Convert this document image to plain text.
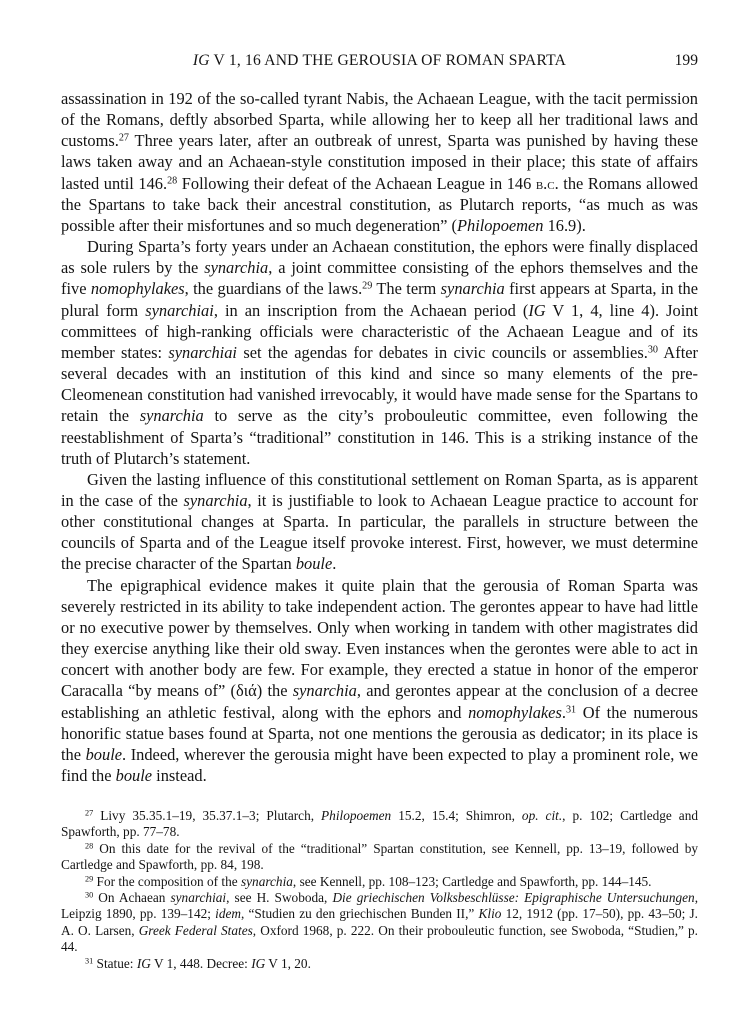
IG V 1, 16 AND THE GEROUSIA OF ROMAN SPARTA	199

assassination in 192 of the so-called tyrant Nabis, the Achaean League, with the tacit permission of the Romans, deftly absorbed Sparta, while allowing her to keep all her traditional laws and customs.$^{27}$ Three years later, after an outbreak of unrest, Sparta was punished by having these laws taken away and an Achaean-style constitution imposed in their place; this state of affairs lasted until 146.28 Following their defeat of the Achaean League in 146 b.c. the Romans allowed the Spartans to take back their ancestral constitution, as Plutarch reports, “as much as was possible after their misfortunes and so much degeneration” (Philopoemen 16.9).

During Sparta’s forty years under an Achaean constitution, the ephors were finally displaced as sole rulers by the synarchia, a joint committee consisting of the ephors themselves and the five nomophylakes, the guardians of the laws.$^{29}$ The term synarchia first appears at Sparta, in the plural form synarchiai, in an inscription from the Achaean period (IG V 1, 4, line 4). Joint committees of high-ranking officials were characteristic of the Achaean League and of its member states: synarchiai set the agendas for debates in civic councils or assemblies.$^{30}$ After several decades with an institution of this kind and since so many elements of the pre-Cleomenean constitution had vanished irrevocably, it would have made sense for the Spartans to retain the synarchia to serve as the city’s probouleutic committee, even following the reestablishment of Sparta’s “traditional” constitution in 146. This is a striking instance of the truth of Plutarch’s statement.

Given the lasting influence of this constitutional settlement on Roman Sparta, as is apparent in the case of the synarchia, it is justifiable to look to Achaean League practice to account for other constitutional changes at Sparta. In particular, the parallels in structure between the councils of Sparta and of the League itself provoke interest. First, however, we must determine the precise character of the Spartan boule.

The epigraphical evidence makes it quite plain that the gerousia of Roman Sparta was severely restricted in its ability to take independent action. The gerontes appear to have had little or no executive power by themselves. Only when working in tandem with other magistrates did they exercise anything like their old sway. Even instances when the gerontes were able to act in concert with another body are few. For example, they erected a statue in honor of the emperor Caracalla “by means of” (διά) the synarchia, and gerontes appear at the conclusion of a decree establishing an athletic festival, along with the ephors and nomophylakes.$^{31}$ Of the numerous honorific statue bases found at Sparta, not one mentions the gerousia as dedicator; in its place is the boule. Indeed, wherever the gerousia might have been expected to play a prominent role, we find the boule instead.

$^{27}$ Livy 35.35.1–19, 35.37.1–3; Plutarch, Philopoemen 15.2, 15.4; Shimron, op. cit., p. 102; Cartledge and Spawforth, pp. 77–78.

$^{28}$ On this date for the revival of the “traditional” Spartan constitution, see Kennell, pp. 13–19, followed by Cartledge and Spawforth, pp. 84, 198.

$^{29}$ For the composition of the synarchia, see Kennell, pp. 108–123; Cartledge and Spawforth, pp. 144–145.

$^{30}$ On Achaean synarchiai, see H. Swoboda, Die griechischen Volksbeschlüsse: Epigraphische Untersuchungen, Leipzig 1890, pp. 139–142; idem, “Studien zu den griechischen Bunden II,” Klio 12, 1912 (pp. 17–50), pp. 43–50; J. A. O. Larsen, Greek Federal States, Oxford 1968, p. 222. On their probouleutic function, see Swoboda, “Studien,” p. 44.

$^{31}$ Statue: IG V 1, 448. Decree: IG V 1, 20.
